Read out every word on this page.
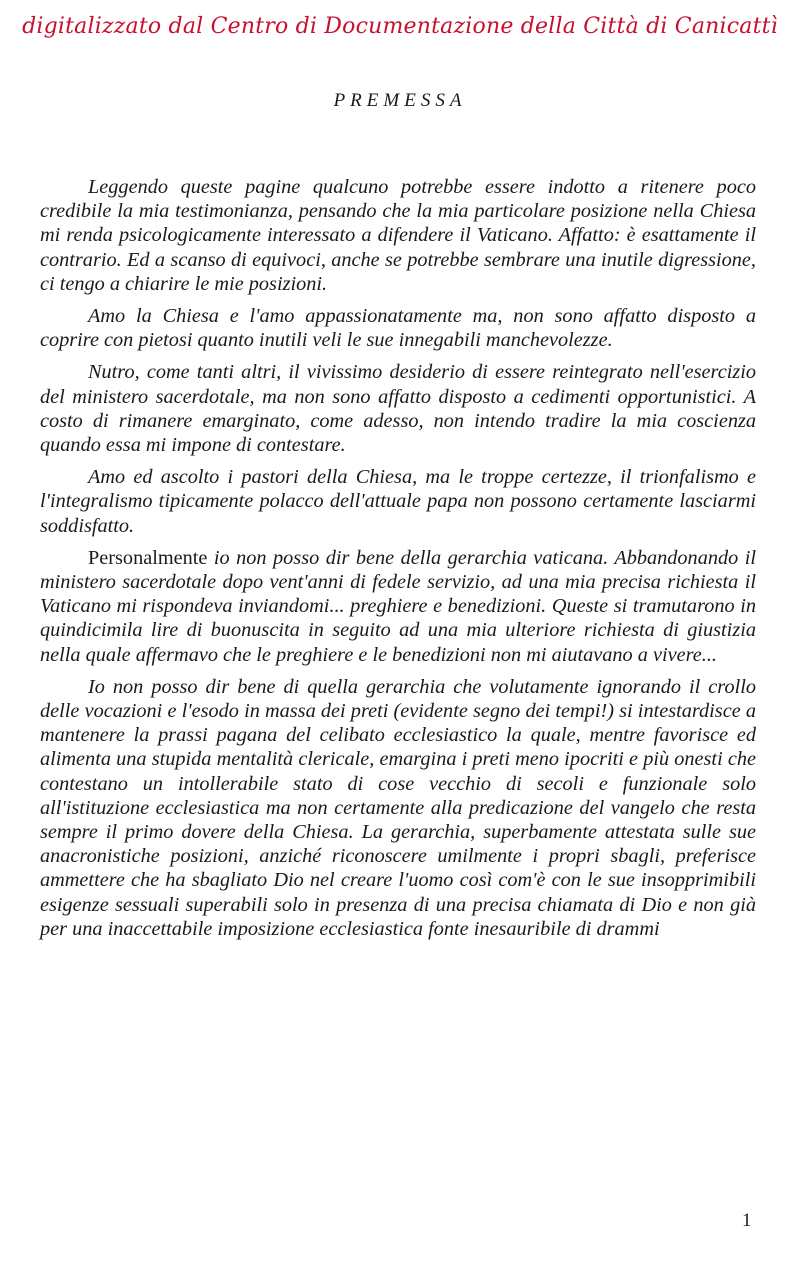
digitalizzato dal Centro di Documentazione della Città di Canicattì
PREMESSA

Leggendo queste pagine qualcuno potrebbe essere indotto a ritenere poco credibile la mia testimonianza, pensando che la mia particolare posizione nella Chiesa mi renda psicologicamente interessato a difendere il Vaticano. Affatto: è esattamente il contrario. Ed a scanso di equivoci, anche se potrebbe sembrare una inutile digressione, ci tengo a chiarire le mie posizioni.

Amo la Chiesa e l'amo appassionatamente ma, non sono affatto disposto a coprire con pietosi quanto inutili veli le sue innegabili manchevolezze.

Nutro, come tanti altri, il vivissimo desiderio di essere reintegrato nell'esercizio del ministero sacerdotale, ma non sono affatto disposto a cedimenti opportunistici. A costo di rimanere emarginato, come adesso, non intendo tradire la mia coscienza quando essa mi impone di contestare.

Amo ed ascolto i pastori della Chiesa, ma le troppe certezze, il trionfalismo e l'integralismo tipicamente polacco dell'attuale papa non possono certamente lasciarmi soddisfatto.

Personalmente io non posso dir bene della gerarchia vaticana. Abbandonando il ministero sacerdotale dopo vent'anni di fedele servizio, ad una mia precisa richiesta il Vaticano mi rispondeva inviandomi... preghiere e benedizioni. Queste si tramutarono in quindicimila lire di buonuscita in seguito ad una mia ulteriore richiesta di giustizia nella quale affermavo che le preghiere e le benedizioni non mi aiutavano a vivere...

Io non posso dir bene di quella gerarchia che volutamente ignorando il crollo delle vocazioni e l'esodo in massa dei preti (evidente segno dei tempi!) si intestardisce a mantenere la prassi pagana del celibato ecclesiastico la quale, mentre favorisce ed alimenta una stupida mentalità clericale, emargina i preti meno ipocriti e più onesti che contestano un intollerabile stato di cose vecchio di secoli e funzionale solo all'istituzione ecclesiastica ma non certamente alla predicazione del vangelo che resta sempre il primo dovere della Chiesa. La gerarchia, superbamente attestata sulle sue anacronistiche posizioni, anziché riconoscere umilmente i propri sbagli, preferisce ammettere che ha sbagliato Dio nel creare l'uomo così com'è con le sue insopprimibili esigenze sessuali superabili solo in presenza di una precisa chiamata di Dio e non già per una inaccettabile imposizione ecclesiastica fonte inesauribile di drammi

1
